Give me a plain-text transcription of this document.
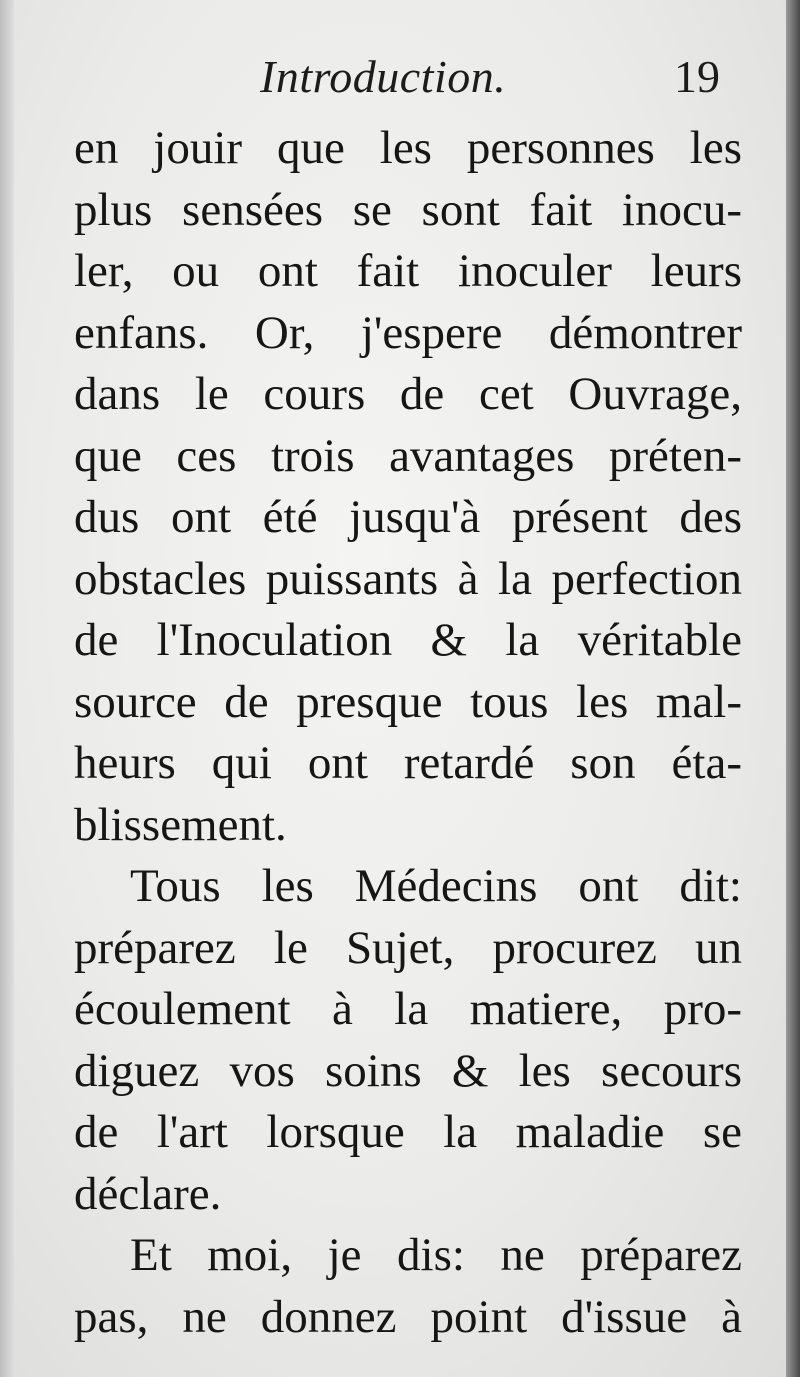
Introduction.	19
en jouir que les personnes les
plus sensées se sont fait inocu-
ler, ou ont fait inoculer leurs
enfans. Or, j'espere démontrer
dans le cours de cet Ouvrage,
que ces trois avantages préten-
dus ont été jusqu'à présent des
obstacles puissants à la perfection
de l'Inoculation & la véritable
source de presque tous les mal-
heurs qui ont retardé son éta-
blissement.
Tous les Médecins ont dit:
préparez le Sujet, procurez un
écoulement à la matiere, pro-
diguez vos soins & les secours
de l'art lorsque la maladie se
déclare.
Et moi, je dis: ne préparez
pas, ne donnez point d'issue à
